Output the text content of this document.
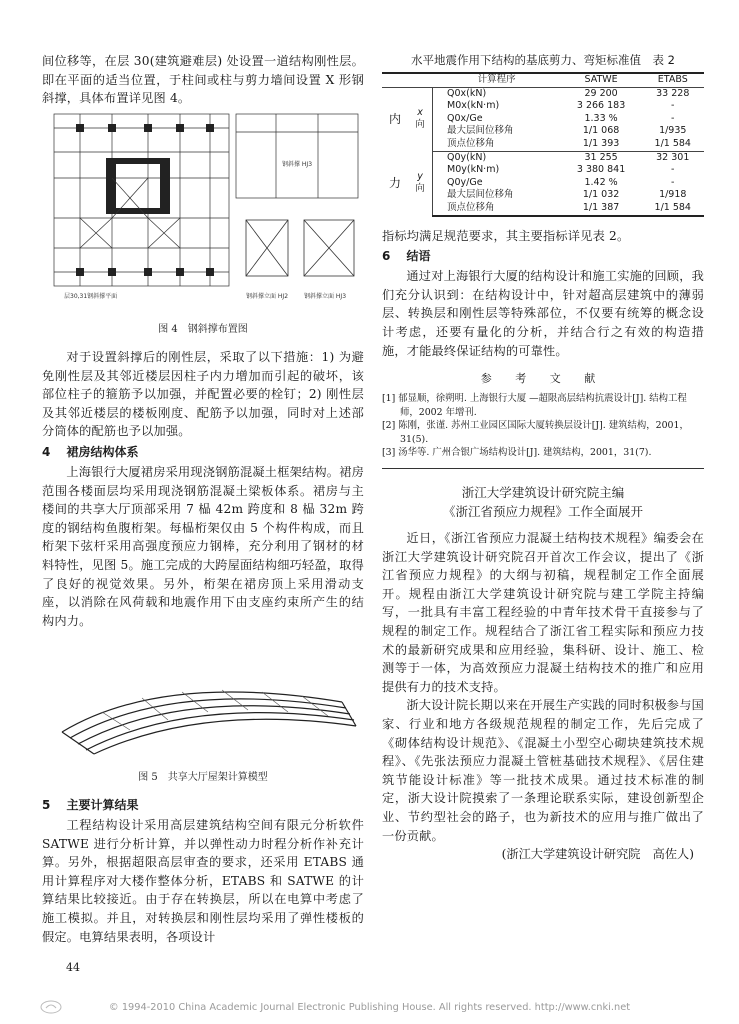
间位移等，在层 30(建筑避难层) 处设置一道结构刚性层。即在平面的适当位置，于柱间或柱与剪力墙间设置 X 形钢斜撑，具体布置详见图 4。

层30,31钢斜撑平面
钢斜撑 HJ3
钢斜撑立面 HJ2	钢斜撑立面 HJ3

图 4　钢斜撑布置图

对于设置斜撑后的刚性层，采取了以下措施：1) 为避免刚性层及其邻近楼层因柱子内力增加而引起的破坏，该部位柱子的箍筋予以加强，并配置必要的栓钉；2) 刚性层及其邻近楼层的楼板刚度、配筋予以加强，同时对上述部分筒体的配筋也予以加强。

4　 裙房结构体系

上海银行大厦裙房采用现浇钢筋混凝土框架结构。裙房范围各楼面层均采用现浇钢筋混凝土梁板体系。裙房与主楼间的共享大厅顶部采用 7 榀 42m 跨度和 8 榀 32m 跨度的钢结构鱼腹桁架。每榀桁架仅由 5 个构件构成，而且桁架下弦杆采用高强度预应力钢棒，充分利用了钢材的材料特性，见图 5。施工完成的大跨屋面结构细巧轻盈，取得了良好的视觉效果。另外，桁架在裙房顶上采用滑动支座，以消除在风荷载和地震作用下由支座约束所产生的结构内力。

图 5　共享大厅屋架计算模型

5　 主要计算结果

工程结构设计采用高层建筑结构空间有限元分析软件 SATWE 进行分析计算，并以弹性动力时程分析作补充计算。另外，根据超限高层审查的要求，还采用 ETABS 通用计算程序对大楼作整体分析，ETABS 和 SATWE 的计算结果比较接近。由于存在转换层，所以在电算中考虑了施工模拟。并且，对转换层和刚性层均采用了弹性楼板的假定。电算结果表明，各项设计

水平地震作用下结构的基底剪力、弯矩标准值　表 2

		计算程序	SATWE	ETABS
内	x
向	Q0x(kN)	29 200	33 228
		M0x(kN·m)	3 266 183	-
		Q0x/Ge	1.33 %	-
		最大层间位移角	1/1 068	1/935
		顶点位移角	1/1 393	1/1 584
力	y
向	Q0y(kN)	31 255	32 301
		M0y(kN·m)	3 380 841	-
		Q0y/Ge	1.42 %	-
		最大层间位移角	1/1 032	1/918
		顶点位移角	1/1 387	1/1 584

指标均满足规范要求，其主要指标详见表 2。

6　 结语

通过对上海银行大厦的结构设计和施工实施的回顾，我们充分认识到：在结构设计中，针对超高层建筑中的薄弱层、转换层和刚性层等特殊部位，不仅要有统筹的概念设计考虑，还要有量化的分析，并结合行之有效的构造措施，才能最终保证结构的可靠性。

参 考 文 献

[1] 郁显顺，徐朔明. 上海银行大厦 —超限高层结构抗震设计[J]. 结构工程师，2002 年增刊.

[2] 陈刚，张谨. 苏州工业园区国际大厦转换层设计[J]. 建筑结构，2001，31(5).

[3] 汤华等. 广州合银广场结构设计[J]. 建筑结构，2001，31(7).

浙江大学建筑设计研究院主编

《浙江省预应力规程》工作全面展开

近日，《浙江省预应力混凝土结构技术规程》编委会在浙江大学建筑设计研究院召开首次工作会议，提出了《浙江省预应力规程》的大纲与初稿，规程制定工作全面展开。规程由浙江大学建筑设计研究院与建工学院主持编写，一批具有丰富工程经验的中青年技术骨干直接参与了规程的制定工作。规程结合了浙江省工程实际和预应力技术的最新研究成果和应用经验，集科研、设计、施工、检测等于一体，为高效预应力混凝土结构技术的推广和应用提供有力的技术支持。

浙大设计院长期以来在开展生产实践的同时积极参与国家、行业和地方各级规范规程的制定工作，先后完成了《砌体结构设计规范》、《混凝土小型空心砌块建筑技术规程》、《先张法预应力混凝土管桩基础技术规程》、《居住建筑节能设计标准》等一批技术成果。通过技术标准的制定，浙大设计院摸索了一条理论联系实际，建设创新型企业、节约型社会的路子，也为新技术的应用与推广做出了一份贡献。

(浙江大学建筑设计研究院　高佐人)

44
© 1994-2010 China Academic Journal Electronic Publishing House. All rights reserved. http://www.cnki.net
